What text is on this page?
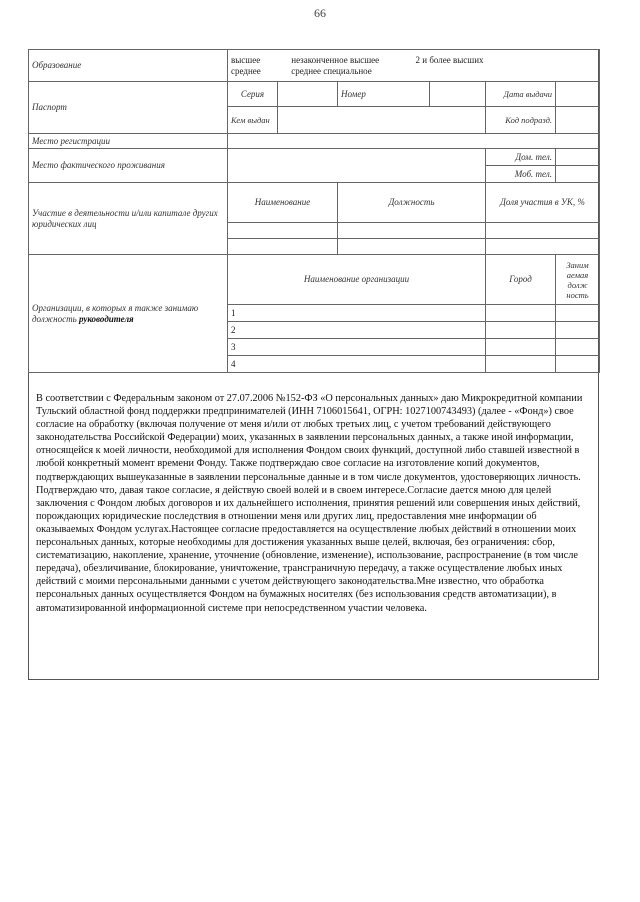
66
Образование	высшее незаконченное высшее 2 и более высших
среднее среднее специальное					

Паспорт	Серия		Номер		Дата выдачи	
	Кем выдан				Код подразд.	
Место регистрации						
Место фактического проживания					Дом. тел.	
					Моб. тел.	
Участие в деятельности и/или капитале других юридических лиц	Наименование		Должность		Доля участия в УК, %	

Организации, в которых я также занимаю должность руководителя	Наименование организации				Город	Заним аемая долж ность
	1					
	2					
	3					
	4					

В соответствии с Федеральным законом от 27.07.2006 №152-ФЗ «О персональных данных» даю Микрокредитной компании Тульский областной фонд поддержки предпринимателей (ИНН 7106015641, ОГРН: 1027100743493) (далее - «Фонд») свое согласие на обработку (включая получение от меня и/или от любых третьих лиц, с учетом требований действующего законодательства Российской Федерации) моих, указанных в заявлении персональных данных, а также иной информации, относящейся к моей личности, необходимой для исполнения Фондом своих функций, доступной либо ставшей известной в любой конкретный момент времени Фонду. Также подтверждаю свое согласие на изготовление копий документов, подтверждающих вышеуказанные в заявлении персональные данные и в том числе документов, удостоверяющих личность. Подтверждаю что, давая такое согласие, я действую своей волей и в своем интересе.Согласие дается мною для целей заключения с Фондом любых договоров и их дальнейшего исполнения, принятия решений или совершения иных действий, порождающих юридические последствия в отношении меня или других лиц, предоставления мне информации об оказываемых Фондом услугах.Настоящее согласие предоставляется на осуществление любых действий в отношении моих персональных данных, которые необходимы для достижения указанных выше целей, включая, без ограничения: сбор, систематизацию, накопление, хранение, уточнение (обновление, изменение), использование, распространение (в том числе передача), обезличивание, блокирование, уничтожение, трансграничную передачу, а также осуществление любых иных действий с моими персональными данными с учетом действующего законодательства.Мне известно, что обработка персональных данных осуществляется Фондом на бумажных носителях (без использования средств автоматизации), в автоматизированной информационной системе при непосредственном участии человека.
